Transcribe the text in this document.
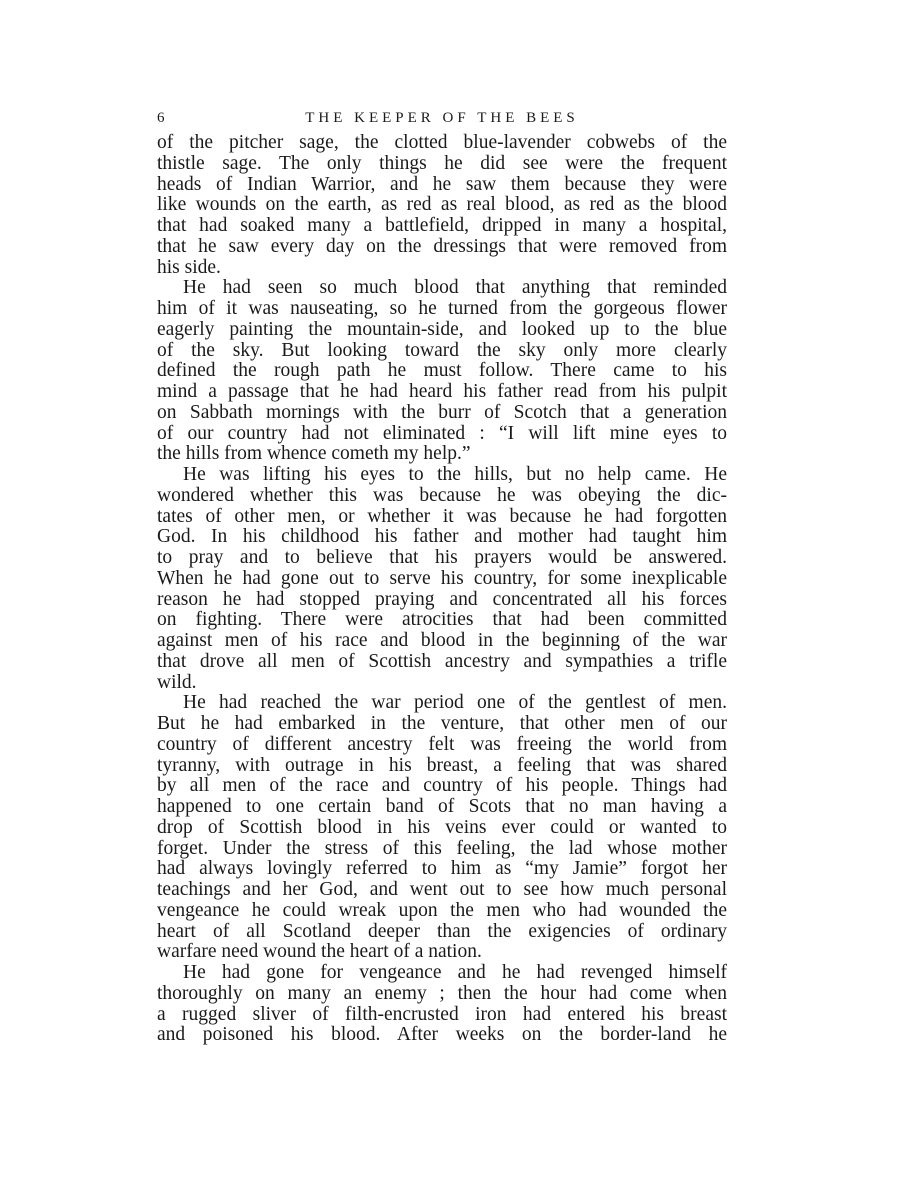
6	THE KEEPER OF THE BEES
of the pitcher sage, the clotted blue-lavender cobwebs of the
thistle sage. The only things he did see were the frequent
heads of Indian Warrior, and he saw them because they were
like wounds on the earth, as red as real blood, as red as the blood
that had soaked many a battlefield, dripped in many a hospital,
that he saw every day on the dressings that were removed from
his side.
He had seen so much blood that anything that reminded
him of it was nauseating, so he turned from the gorgeous flower
eagerly painting the mountain-side, and looked up to the blue
of the sky. But looking toward the sky only more clearly
defined the rough path he must follow. There came to his
mind a passage that he had heard his father read from his pulpit
on Sabbath mornings with the burr of Scotch that a generation
of our country had not eliminated : “I will lift mine eyes to
the hills from whence cometh my help.”
He was lifting his eyes to the hills, but no help came. He
wondered whether this was because he was obeying the dic-
tates of other men, or whether it was because he had forgotten
God. In his childhood his father and mother had taught him
to pray and to believe that his prayers would be answered.
When he had gone out to serve his country, for some inexplicable
reason he had stopped praying and concentrated all his forces
on fighting. There were atrocities that had been committed
against men of his race and blood in the beginning of the war
that drove all men of Scottish ancestry and sympathies a trifle
wild.
He had reached the war period one of the gentlest of men.
But he had embarked in the venture, that other men of our
country of different ancestry felt was freeing the world from
tyranny, with outrage in his breast, a feeling that was shared
by all men of the race and country of his people. Things had
happened to one certain band of Scots that no man having a
drop of Scottish blood in his veins ever could or wanted to
forget. Under the stress of this feeling, the lad whose mother
had always lovingly referred to him as “my Jamie” forgot her
teachings and her God, and went out to see how much personal
vengeance he could wreak upon the men who had wounded the
heart of all Scotland deeper than the exigencies of ordinary
warfare need wound the heart of a nation.
He had gone for vengeance and he had revenged himself
thoroughly on many an enemy ; then the hour had come when
a rugged sliver of filth-encrusted iron had entered his breast
and poisoned his blood. After weeks on the border-land he
